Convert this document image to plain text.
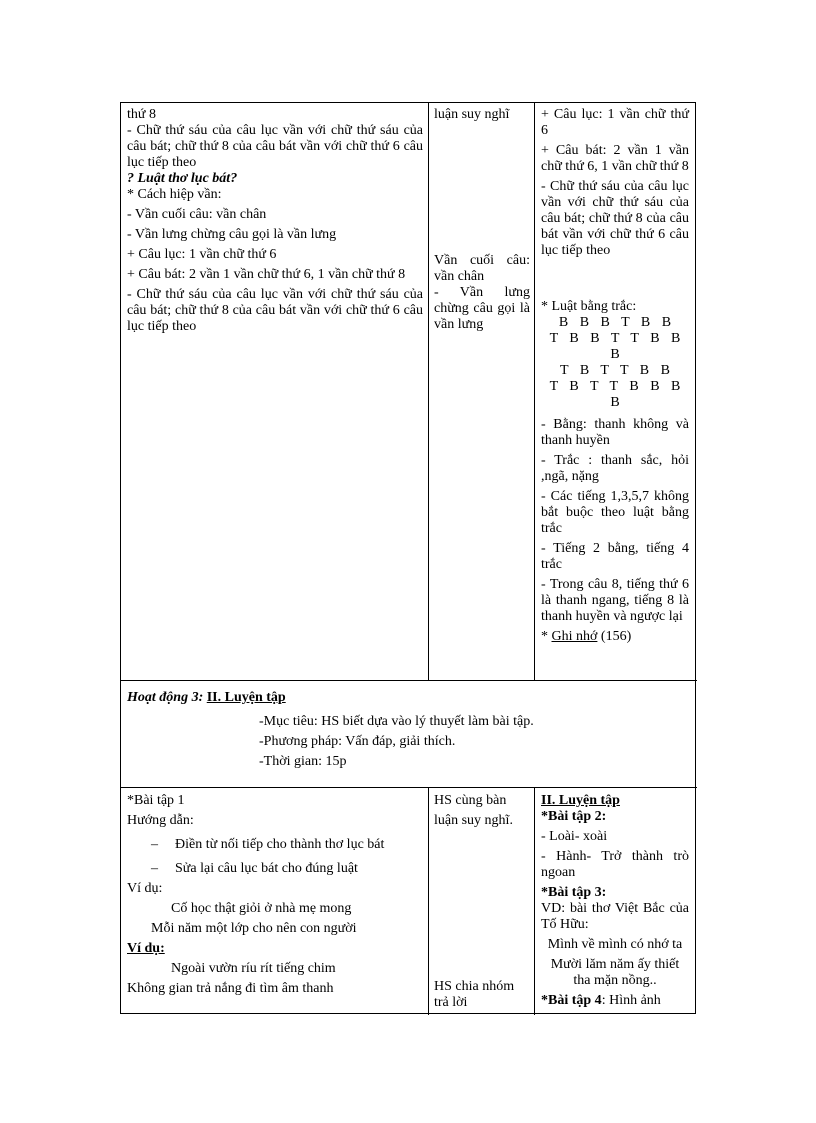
thứ 8

- Chữ thứ sáu của câu lục vần với chữ thứ sáu của câu bát; chữ thứ 8 của câu bát vần với chữ thứ 6 câu lục tiếp theo

? Luật thơ lục bát?

* Cách hiệp vần:

- Vần cuối câu: vần chân

- Vần lưng chừng câu gọi là vần lưng

+ Câu lục: 1 vần chữ thứ 6

+ Câu bát: 2 vần 1 vần chữ thứ 6, 1 vần chữ thứ 8

- Chữ thứ sáu của câu lục vần với chữ thứ sáu của câu bát; chữ thứ 8 của câu bát vần với chữ thứ 6 câu lục tiếp theo

luận suy nghĩ

Vần cuối câu: vần chân

- Vần lưng chừng câu gọi là vần lưng

+ Câu lục: 1 vần chữ thứ 6

+ Câu bát: 2 vần 1 vần chữ thứ 6, 1 vần chữ thứ 8

- Chữ thứ sáu của câu lục vần với chữ thứ sáu của câu bát; chữ thứ 8 của câu bát vần với chữ thứ 6 câu lục tiếp theo

* Luật bằng trắc:

B B B T B B

T B B T T B B

B

T B T T B B

T B T T B B B

B

- Bằng: thanh không và thanh huyền

- Trắc : thanh sắc, hỏi ,ngã, nặng

- Các tiếng 1,3,5,7 không bắt buộc theo luật bằng trắc

- Tiếng 2 bằng, tiếng 4 trắc

- Trong câu 8, tiếng thứ 6 là thanh ngang, tiếng 8 là thanh huyền và ngược lại

* Ghi nhớ (156)

Hoạt động 3: II. Luyện tập

-Mục tiêu: HS biết dựa vào lý thuyết làm bài tập.

-Phương pháp: Vấn đáp, giải thích.

-Thời gian: 15p

*Bài tập 1

Hướng dẫn:

– Điền từ nối tiếp cho thành thơ lục bát

– Sửa lại câu lục bát cho đúng luật

Ví dụ:

Cố học thật giỏi ở nhà mẹ mong

Mỗi năm một lớp cho nên con người

Ví dụ:

Ngoài vườn ríu rít tiếng chim

Không gian trả nắng đi tìm âm thanh

HS cùng bàn luận suy nghĩ.

HS chia nhóm trả lời

II. Luyện tập

*Bài tập 2:

- Loài- xoài

- Hành- Trở thành trò ngoan

*Bài tập 3:

VD: bài thơ Việt Bắc của Tố Hữu:

Mình về mình có nhớ ta

Mười lăm năm ấy thiết tha mặn nồng..

*Bài tập 4: Hình ảnh
